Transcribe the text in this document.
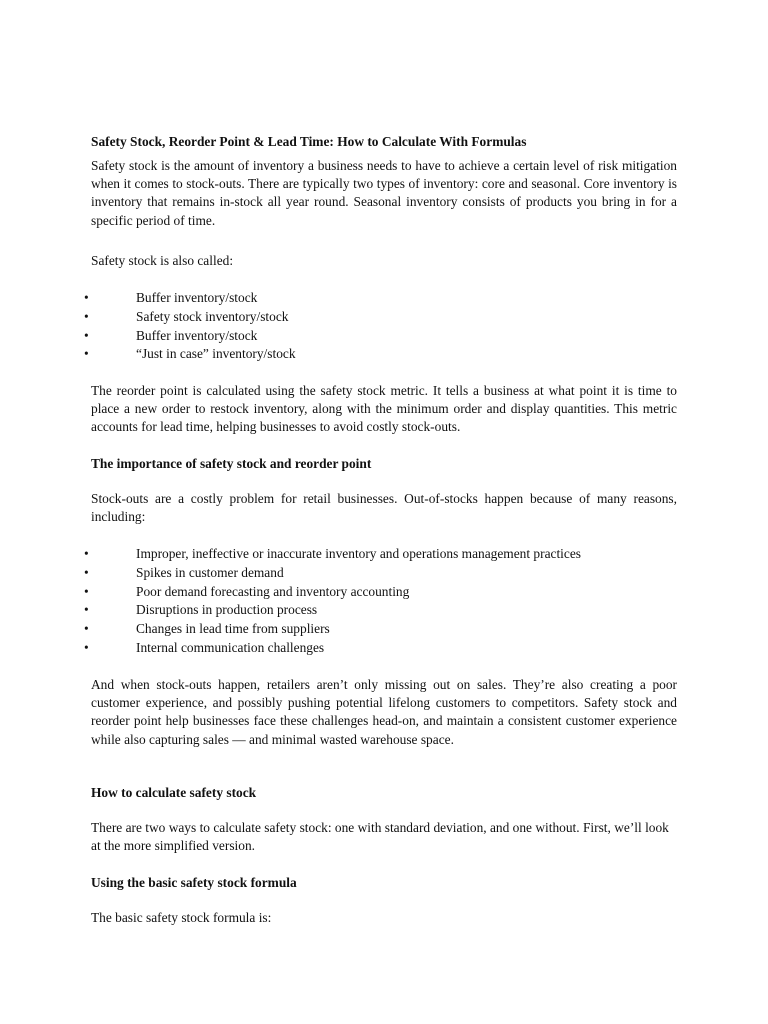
Safety Stock, Reorder Point & Lead Time: How to Calculate With Formulas

Safety stock is the amount of inventory a business needs to have to achieve a certain level of risk mitigation when it comes to stock-outs. There are typically two types of inventory: core and seasonal. Core inventory is inventory that remains in-stock all year round. Seasonal inventory consists of products you bring in for a specific period of time.

Safety stock is also called:

•	Buffer inventory/stock
•	Safety stock inventory/stock
•	Buffer inventory/stock
•	“Just in case” inventory/stock

The reorder point is calculated using the safety stock metric. It tells a business at what point it is time to place a new order to restock inventory, along with the minimum order and display quantities. This metric accounts for lead time, helping businesses to avoid costly stock-outs.

The importance of safety stock and reorder point

Stock-outs are a costly problem for retail businesses. Out-of-stocks happen because of many reasons, including:

•	Improper, ineffective or inaccurate inventory and operations management practices
•	Spikes in customer demand
•	Poor demand forecasting and inventory accounting
•	Disruptions in production process
•	Changes in lead time from suppliers
•	Internal communication challenges

And when stock-outs happen, retailers aren’t only missing out on sales. They’re also creating a poor customer experience, and possibly pushing potential lifelong customers to competitors. Safety stock and reorder point help businesses face these challenges head-on, and maintain a consistent customer experience while also capturing sales — and minimal wasted warehouse space.

How to calculate safety stock

There are two ways to calculate safety stock: one with standard deviation, and one without. First, we’ll look at the more simplified version.

Using the basic safety stock formula

The basic safety stock formula is:
